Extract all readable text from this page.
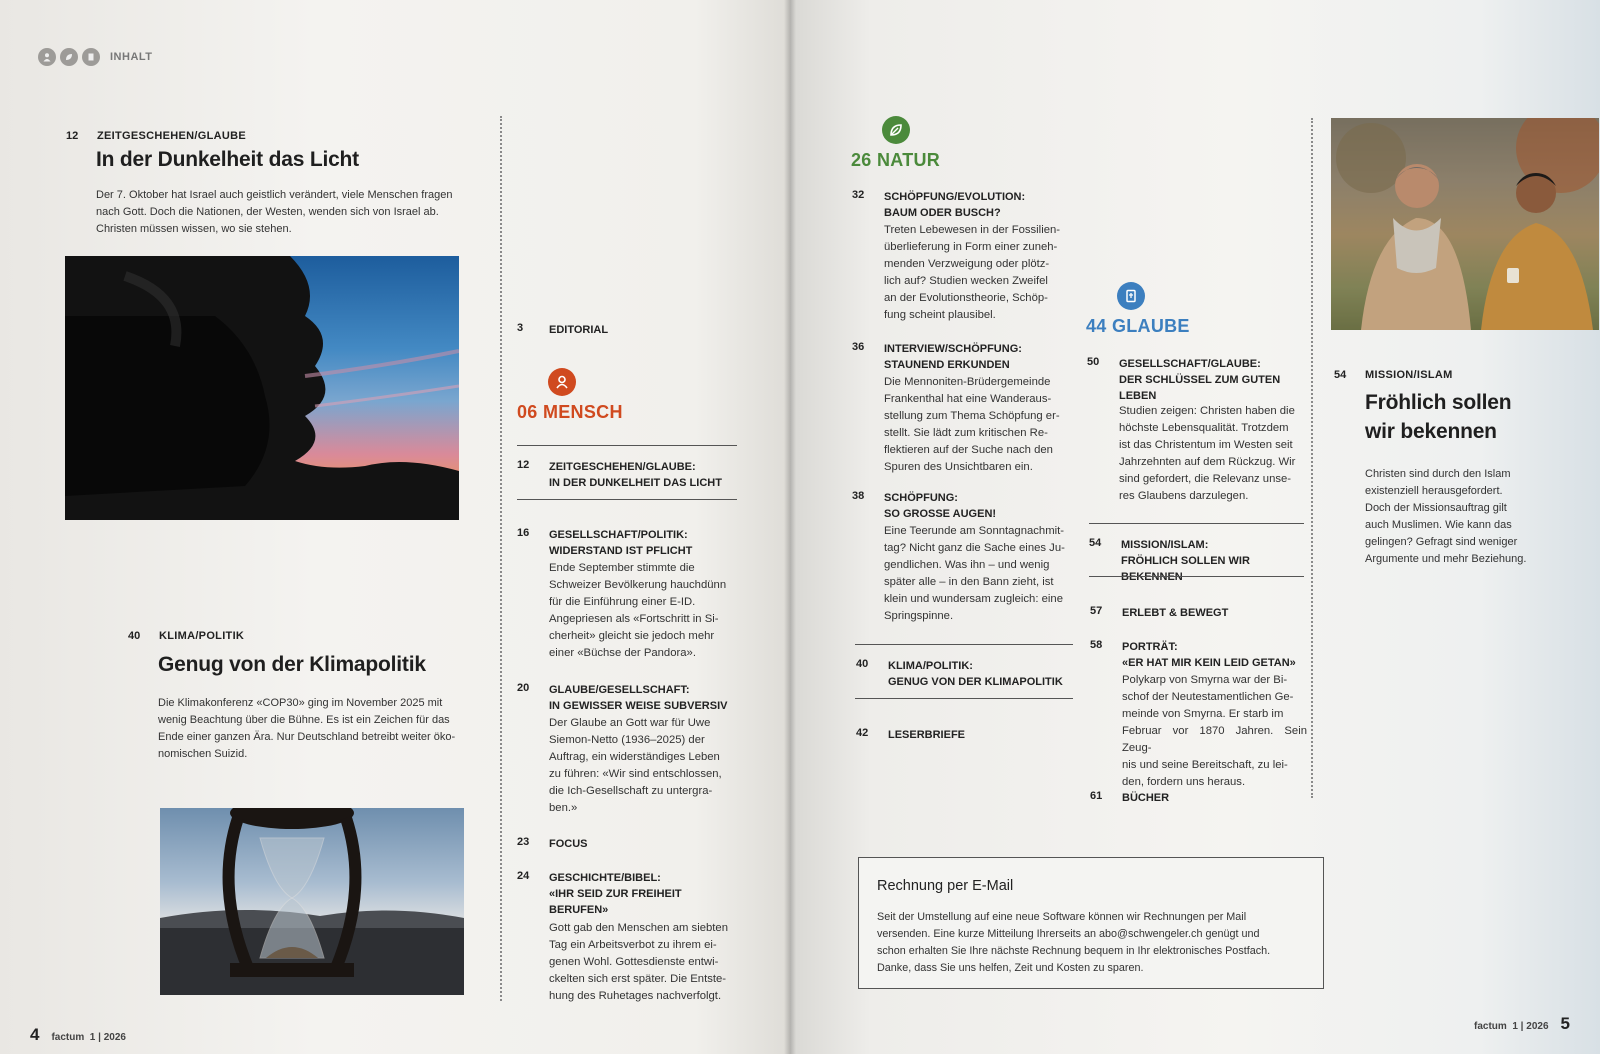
INHALT
12 ZEITGESCHEHEN/GLAUBE
In der Dunkelheit das Licht
Der 7. Oktober hat Israel auch geistlich verändert, viele Menschen fragen
nach Gott. Doch die Nationen, der Westen, wenden sich von Israel ab.
Christen müssen wissen, wo sie stehen.
40 KLIMA/POLITIK
Genug von der Klimapolitik
Die Klimakonferenz «COP30» ging im November 2025 mit
wenig Beachtung über die Bühne. Es ist ein Zeichen für das
Ende einer ganzen Ära. Nur Deutschland betreibt weiter öko-
nomischen Suizid.
3 EDITORIAL
06 MENSCH
12 ZEITGESCHEHEN/GLAUBE:
IN DER DUNKELHEIT DAS LICHT
16 GESELLSCHAFT/POLITIK:
WIDERSTAND IST PFLICHT
Ende September stimmte die
Schweizer Bevölkerung hauchdünn
für die Einführung einer E-ID.
Angepriesen als «Fortschritt in Si-
cherheit» gleicht sie jedoch mehr
einer «Büchse der Pandora».
20 GLAUBE/GESELLSCHAFT:
IN GEWISSER WEISE SUBVERSIV
Der Glaube an Gott war für Uwe
Siemon-Netto (1936–2025) der
Auftrag, ein widerständiges Leben
zu führen: «Wir sind entschlossen,
die Ich-Gesellschaft zu untergra-
ben.»
23 FOCUS
24 GESCHICHTE/BIBEL:
«IHR SEID ZUR FREIHEIT
BERUFEN»
Gott gab den Menschen am siebten
Tag ein Arbeitsverbot zu ihrem ei-
genen Wohl. Gottesdienste entwi-
ckelten sich erst später. Die Entste-
hung des Ruhetages nachverfolgt.
26 NATUR
32 SCHÖPFUNG/EVOLUTION:
BAUM ODER BUSCH?
Treten Lebewesen in der Fossilien-
überlieferung in Form einer zuneh-
menden Verzweigung oder plötz-
lich auf? Studien wecken Zweifel
an der Evolutionstheorie, Schöp-
fung scheint plausibel.
36 INTERVIEW/SCHÖPFUNG:
STAUNEND ERKUNDEN
Die Mennoniten-Brüdergemeinde
Frankenthal hat eine Wanderaus-
stellung zum Thema Schöpfung er-
stellt. Sie lädt zum kritischen Re-
flektieren auf der Suche nach den
Spuren des Unsichtbaren ein.
38 SCHÖPFUNG:
SO GROSSE AUGEN!
Eine Teerunde am Sonntagnachmit-
tag? Nicht ganz die Sache eines Ju-
gendlichen. Was ihn – und wenig
später alle – in den Bann zieht, ist
klein und wundersam zugleich: eine
Springspinne.
40 KLIMA/POLITIK:
GENUG VON DER KLIMAPOLITIK
42 LESERBRIEFE
44 GLAUBE
50 GESELLSCHAFT/GLAUBE:
DER SCHLÜSSEL ZUM GUTEN
LEBEN
Studien zeigen: Christen haben die
höchste Lebensqualität. Trotzdem
ist das Christentum im Westen seit
Jahrzehnten auf dem Rückzug. Wir
sind gefordert, die Relevanz unse-
res Glaubens darzulegen.
54 MISSION/ISLAM:
FRÖHLICH SOLLEN WIR BEKENNEN
57 ERLEBT & BEWEGT
58 PORTRÄT:
«ER HAT MIR KEIN LEID GETAN»
Polykarp von Smyrna war der Bi-
schof der Neutestamentlichen Ge-
meinde von Smyrna. Er starb im
Februar vor 1870 Jahren. Sein Zeug-
nis und seine Bereitschaft, zu lei-
den, fordern uns heraus.
61 BÜCHER
54 MISSION/ISLAM
Fröhlich sollen
wir bekennen
Christen sind durch den Islam
existenziell herausgefordert.
Doch der Missionsauftrag gilt
auch Muslimen. Wie kann das
gelingen? Gefragt sind weniger
Argumente und mehr Beziehung.
Rechnung per E-Mail
Seit der Umstellung auf eine neue Software können wir Rechnungen per Mail
versenden. Eine kurze Mitteilung Ihrerseits an abo@schwengeler.ch genügt und
schon erhalten Sie Ihre nächste Rechnung bequem in Ihr elektronisches Postfach.
Danke, dass Sie uns helfen, Zeit und Kosten zu sparen.
4 factum  1 | 2026
factum  1 | 2026 5
